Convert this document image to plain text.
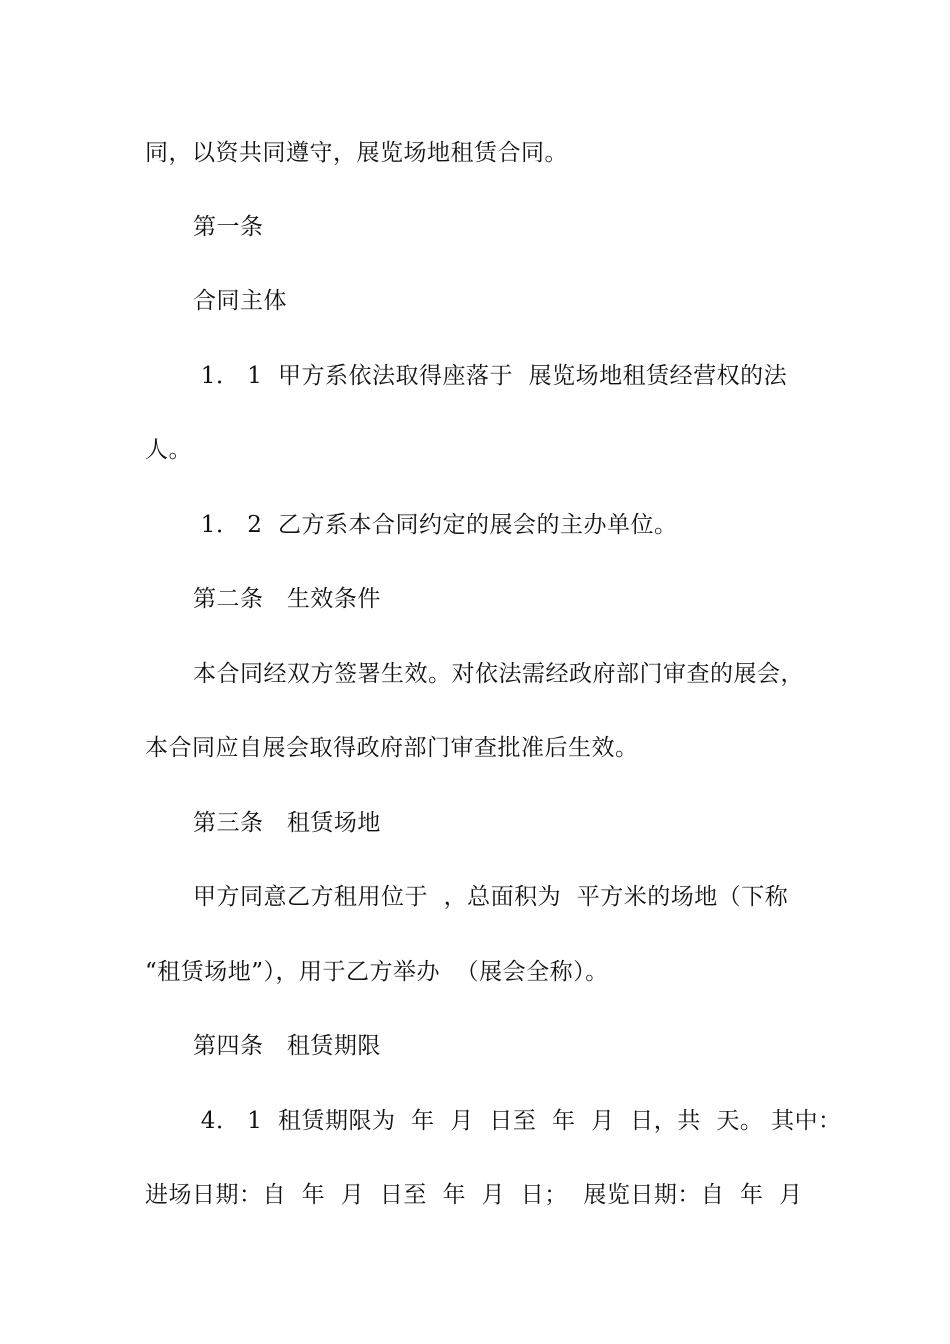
同，以资共同遵守，展览场地租赁合同。
第一条
合同主体
1． 1  甲方系依法取得座落于  展览场地租赁经营权的法
人。
1． 2  乙方系本合同约定的展会的主办单位。
第二条   生效条件
本合同经双方签署生效。对依法需经政府部门审查的展会，
本合同应自展会取得政府部门审查批准后生效。
第三条   租赁场地
甲方同意乙方租用位于  ，总面积为  平方米的场地（下称
“租赁场地”），用于乙方举办  （展会全称）。
第四条   租赁期限
4． 1  租赁期限为  年  月  日至  年  月  日，共  天。 其中：
进场日期：自  年  月  日至  年  月  日；  展览日期：自  年  月
